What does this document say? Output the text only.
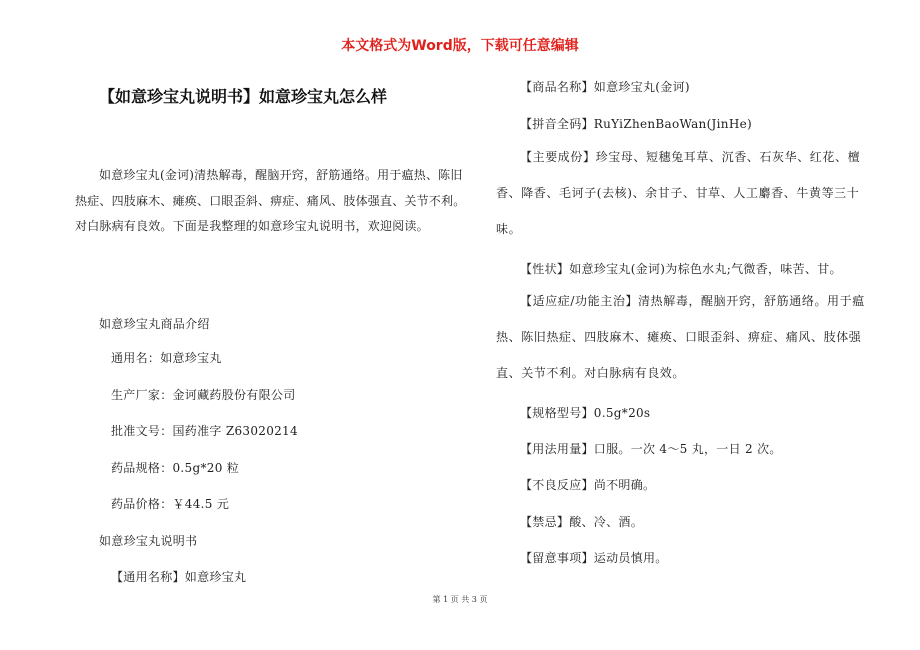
本文格式为Word版，下载可任意编辑
【如意珍宝丸说明书】如意珍宝丸怎么样
如意珍宝丸(金诃)清热解毒，醒脑开窍，舒筋通络。用于瘟热、陈旧热症、四肢麻木、瘫痪、口眼歪斜、痹症、痛风、肢体强直、关节不利。对白脉病有良效。下面是我整理的如意珍宝丸说明书，欢迎阅读。
如意珍宝丸商品介绍
通用名：如意珍宝丸
生产厂家：金诃藏药股份有限公司
批准文号：国药准字 Z63020214
药品规格：0.5g*20 粒
药品价格：￥44.5 元
如意珍宝丸说明书
【通用名称】如意珍宝丸
【商品名称】如意珍宝丸(金诃)
【拼音全码】RuYiZhenBaoWan(JinHe)
【主要成份】珍宝母、短穗兔耳草、沉香、石灰华、红花、檀香、降香、毛诃子(去核)、余甘子、甘草、人工麝香、牛黄等三十味。
【性状】如意珍宝丸(金诃)为棕色水丸;气微香，味苦、甘。
【适应症/功能主治】清热解毒，醒脑开窍，舒筋通络。用于瘟热、陈旧热症、四肢麻木、瘫痪、口眼歪斜、痹症、痛风、肢体强直、关节不利。对白脉病有良效。
【规格型号】0.5g*20s
【用法用量】口服。一次 4～5 丸，一日 2 次。
【不良反应】尚不明确。
【禁忌】酸、冷、酒。
【留意事项】运动员慎用。
第 1 页 共 3 页
